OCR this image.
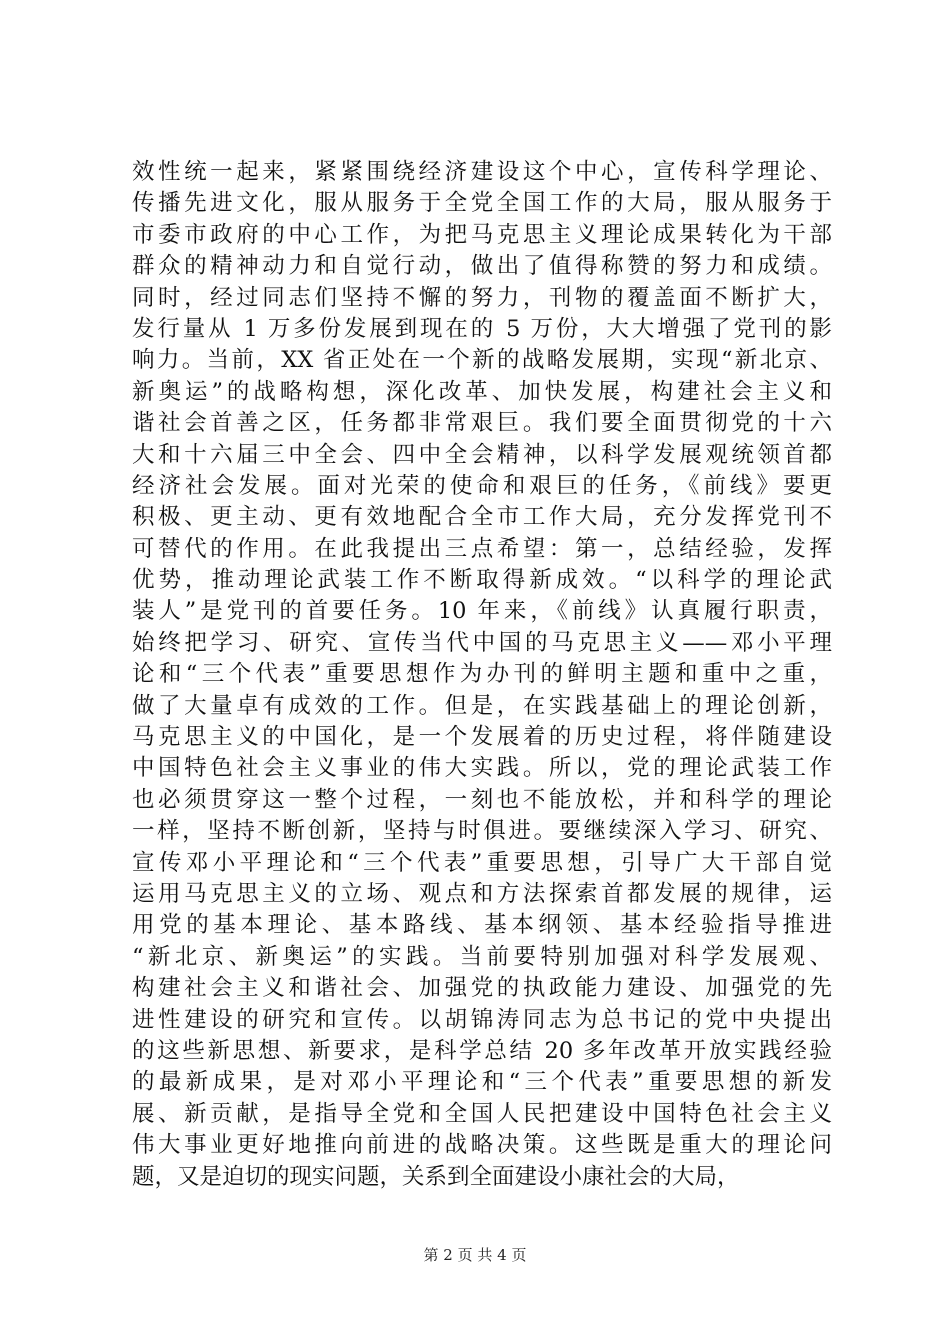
效性统一起来，紧紧围绕经济建设这个中心，宣传科学理论、
传播先进文化，服从服务于全党全国工作的大局，服从服务于
市委市政府的中心工作，为把马克思主义理论成果转化为干部
群众的精神动力和自觉行动，做出了值得称赞的努力和成绩。
同时，经过同志们坚持不懈的努力，刊物的覆盖面不断扩大，
发行量从 1 万多份发展到现在的 5 万份，大大增强了党刊的影
响力。当前，XX 省正处在一个新的战略发展期，实现“新北京、
新奥运”的战略构想，深化改革、加快发展，构建社会主义和
谐社会首善之区，任务都非常艰巨。我们要全面贯彻党的十六
大和十六届三中全会、四中全会精神，以科学发展观统领首都
经济社会发展。面对光荣的使命和艰巨的任务，《前线》要更
积极、更主动、更有效地配合全市工作大局，充分发挥党刊不
可替代的作用。在此我提出三点希望：第一，总结经验，发挥
优势，推动理论武装工作不断取得新成效。“以科学的理论武
装人”是党刊的首要任务。10 年来，《前线》认真履行职责，
始终把学习、研究、宣传当代中国的马克思主义——邓小平理
论和“三个代表”重要思想作为办刊的鲜明主题和重中之重，
做了大量卓有成效的工作。但是，在实践基础上的理论创新，
马克思主义的中国化，是一个发展着的历史过程，将伴随建设
中国特色社会主义事业的伟大实践。所以，党的理论武装工作
也必须贯穿这一整个过程，一刻也不能放松，并和科学的理论
一样，坚持不断创新，坚持与时俱进。要继续深入学习、研究、
宣传邓小平理论和“三个代表”重要思想，引导广大干部自觉
运用马克思主义的立场、观点和方法探索首都发展的规律，运
用党的基本理论、基本路线、基本纲领、基本经验指导推进
“新北京、新奥运”的实践。当前要特别加强对科学发展观、
构建社会主义和谐社会、加强党的执政能力建设、加强党的先
进性建设的研究和宣传。以胡锦涛同志为总书记的党中央提出
的这些新思想、新要求，是科学总结 20 多年改革开放实践经验
的最新成果，是对邓小平理论和“三个代表”重要思想的新发
展、新贡献，是指导全党和全国人民把建设中国特色社会主义
伟大事业更好地推向前进的战略决策。这些既是重大的理论问
题，又是迫切的现实问题，关系到全面建设小康社会的大局，
第 2 页 共 4 页
